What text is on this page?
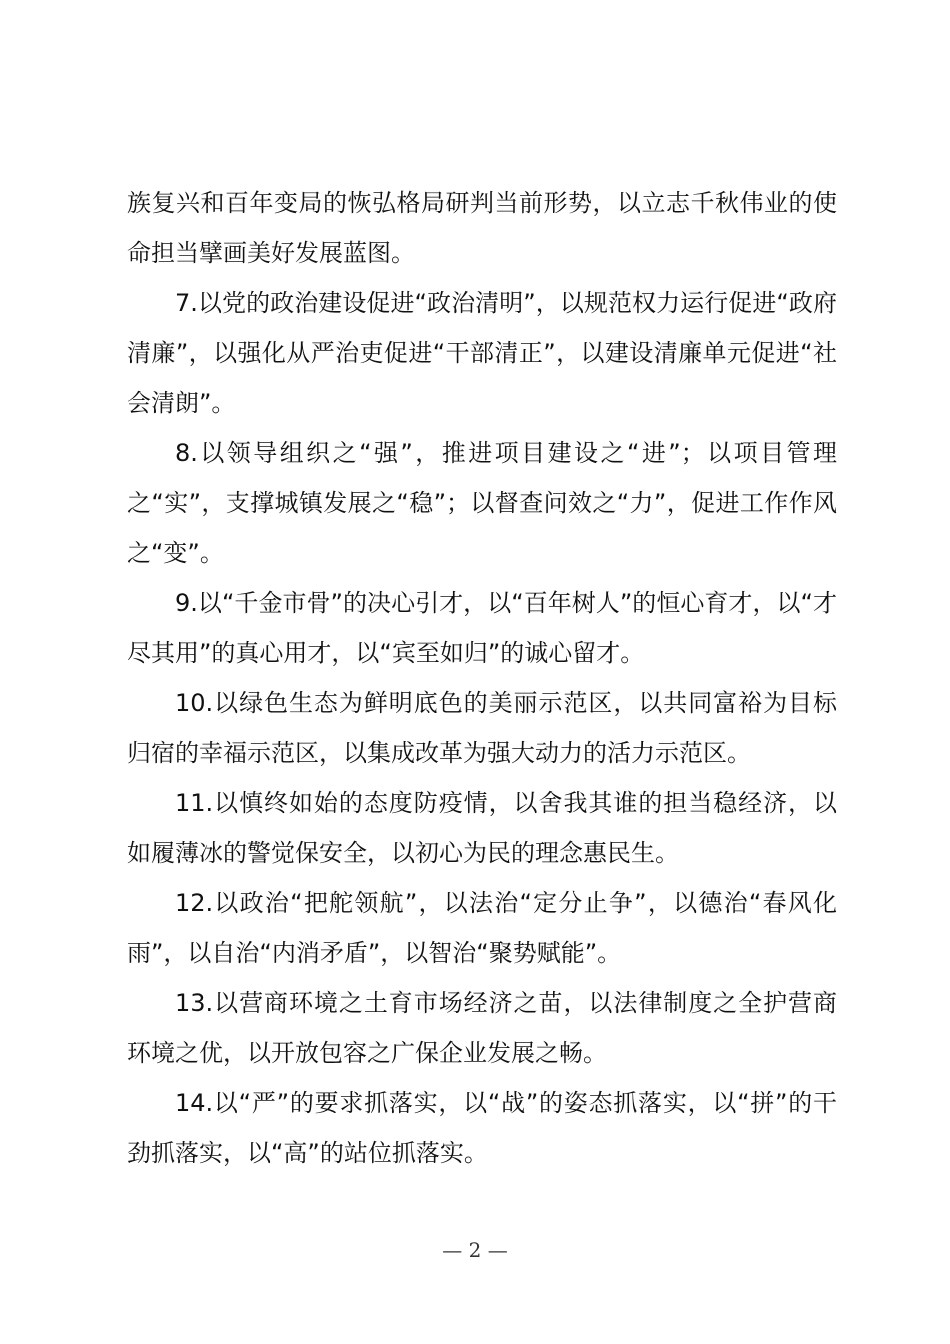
族复兴和百年变局的恢弘格局研判当前形势，以立志千秋伟业的使命担当擘画美好发展蓝图。

7.以党的政治建设促进“政治清明”，以规范权力运行促进“政府清廉”，以强化从严治吏促进“干部清正”，以建设清廉单元促进“社会清朗”。

8.以领导组织之“强”，推进项目建设之“进”；以项目管理之“实”，支撑城镇发展之“稳”；以督查问效之“力”，促进工作作风之“变”。

9.以“千金市骨”的决心引才，以“百年树人”的恒心育才，以“才尽其用”的真心用才，以“宾至如归”的诚心留才。

10.以绿色生态为鲜明底色的美丽示范区，以共同富裕为目标归宿的幸福示范区，以集成改革为强大动力的活力示范区。

11.以慎终如始的态度防疫情，以舍我其谁的担当稳经济，以如履薄冰的警觉保安全，以初心为民的理念惠民生。

12.以政治“把舵领航”，以法治“定分止争”，以德治“春风化雨”，以自治“内消矛盾”，以智治“聚势赋能”。

13.以营商环境之土育市场经济之苗，以法律制度之全护营商环境之优，以开放包容之广保企业发展之畅。

14.以“严”的要求抓落实，以“战”的姿态抓落实，以“拼”的干劲抓落实，以“高”的站位抓落实。

— 2 —
